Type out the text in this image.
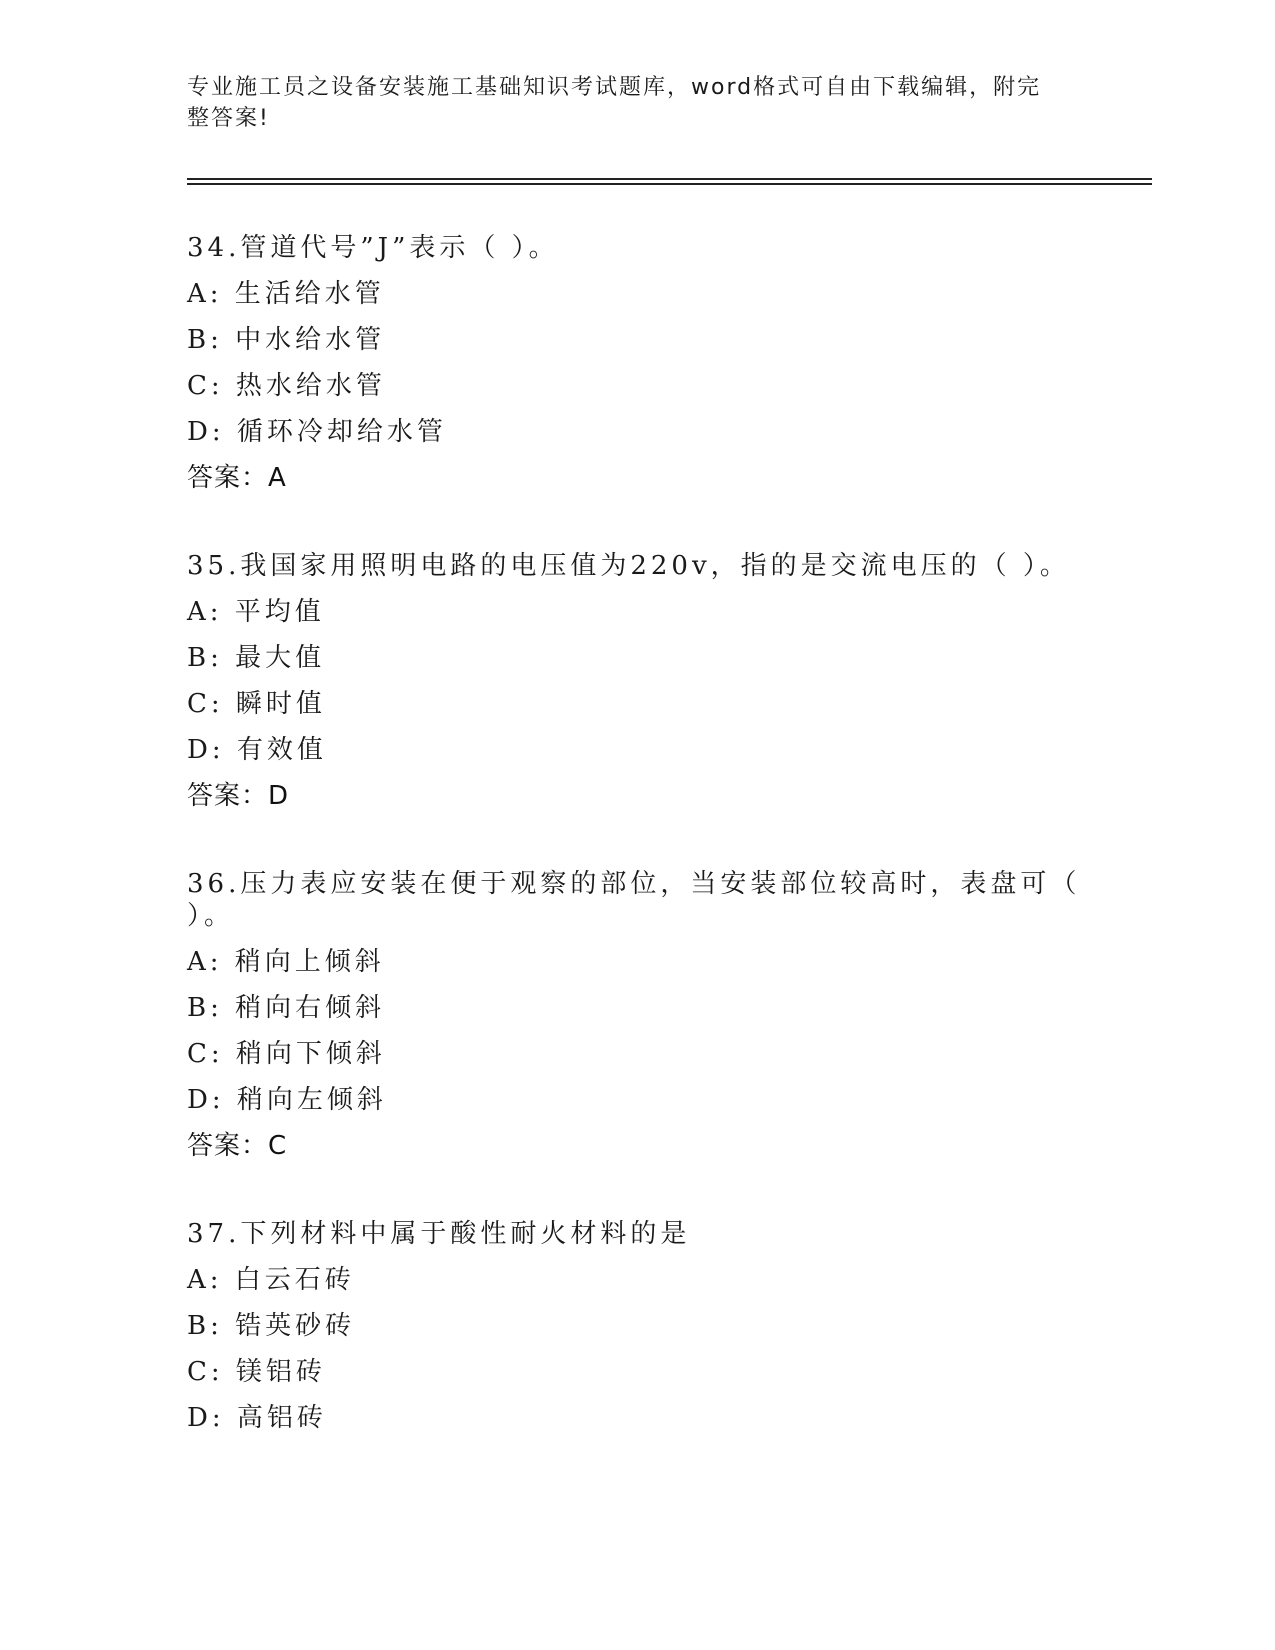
专业施工员之设备安装施工基础知识考试题库，word格式可自由下载编辑，附完
整答案!
34.管道代号”J”表示（ ）。
A: 生活给水管
B: 中水给水管
C: 热水给水管
D: 循环冷却给水管
答案：A
35.我国家用照明电路的电压值为220v，指的是交流电压的（ ）。
A: 平均值
B: 最大值
C: 瞬时值
D: 有效值
答案：D
36.压力表应安装在便于观察的部位，当安装部位较高时，表盘可（ ）。
A: 稍向上倾斜
B: 稍向右倾斜
C: 稍向下倾斜
D: 稍向左倾斜
答案：C
37.下列材料中属于酸性耐火材料的是
A: 白云石砖
B: 锆英砂砖
C: 镁铝砖
D: 高铝砖
